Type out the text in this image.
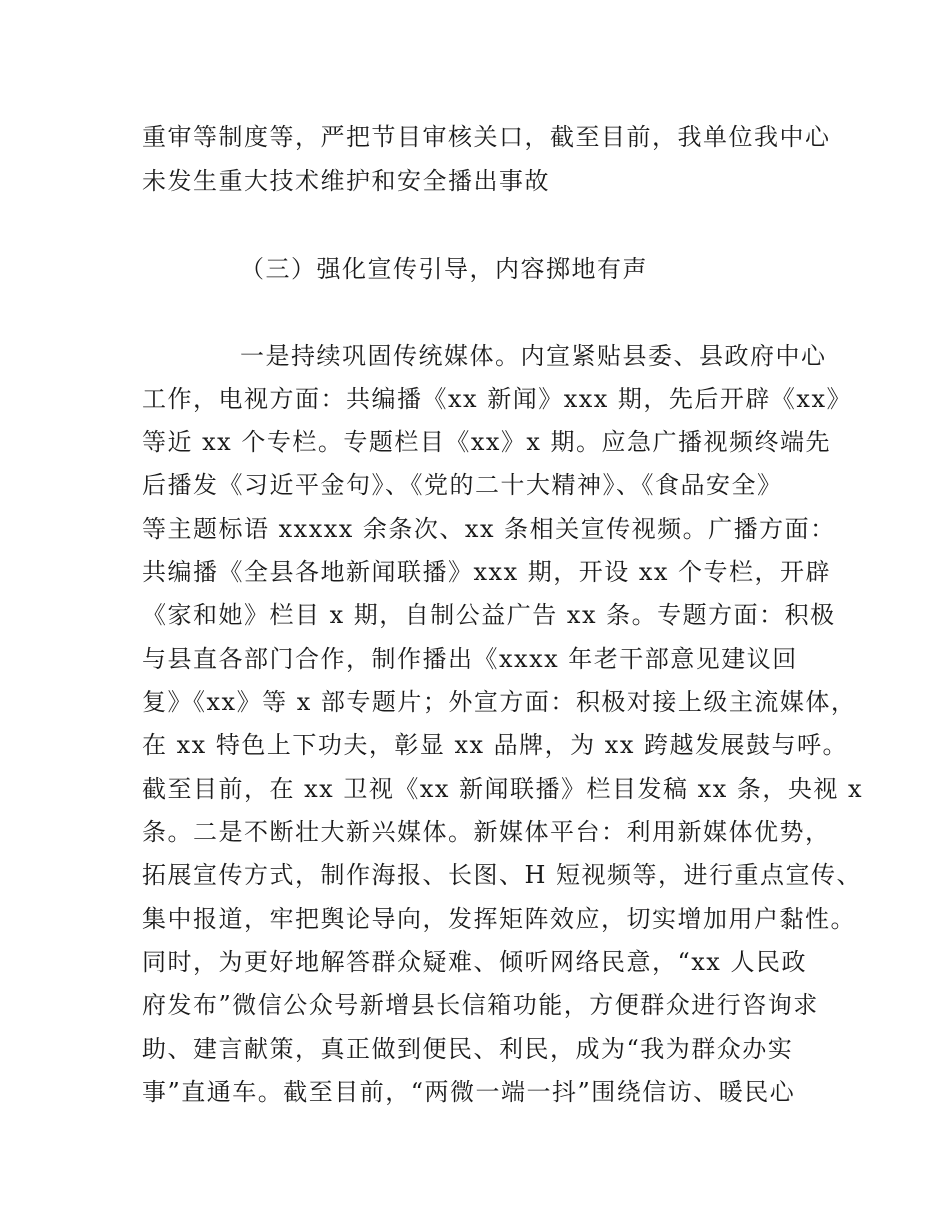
重审等制度等，严把节目审核关口，截至目前，我单位我中心
未发生重大技术维护和安全播出事故
（三）强化宣传引导，内容掷地有声
一是持续巩固传统媒体。内宣紧贴县委、县政府中心
工作，电视方面：共编播《xx 新闻》xxx 期，先后开辟《xx》
等近 xx 个专栏。专题栏目《xx》x 期。应急广播视频终端先
后播发《习近平金句》、《党的二十大精神》、《食品安全》
等主题标语 xxxxx 余条次、xx 条相关宣传视频。广播方面：
共编播《全县各地新闻联播》xxx 期，开设 xx 个专栏，开辟
《家和她》栏目 x 期，自制公益广告 xx 条。专题方面：积极
与县直各部门合作，制作播出《xxxx 年老干部意见建议回
复》《xx》等 x 部专题片；外宣方面：积极对接上级主流媒体，
在 xx 特色上下功夫，彰显 xx 品牌，为 xx 跨越发展鼓与呼。
截至目前，在 xx 卫视《xx 新闻联播》栏目发稿 xx 条，央视 x
条。二是不断壮大新兴媒体。新媒体平台：利用新媒体优势，
拓展宣传方式，制作海报、长图、H 短视频等，进行重点宣传、
集中报道，牢把舆论导向，发挥矩阵效应，切实增加用户黏性。
同时，为更好地解答群众疑难、倾听网络民意，“xx 人民政
府发布”微信公众号新增县长信箱功能，方便群众进行咨询求
助、建言献策，真正做到便民、利民，成为“我为群众办实
事”直通车。截至目前，“两微一端一抖”围绕信访、暖民心
